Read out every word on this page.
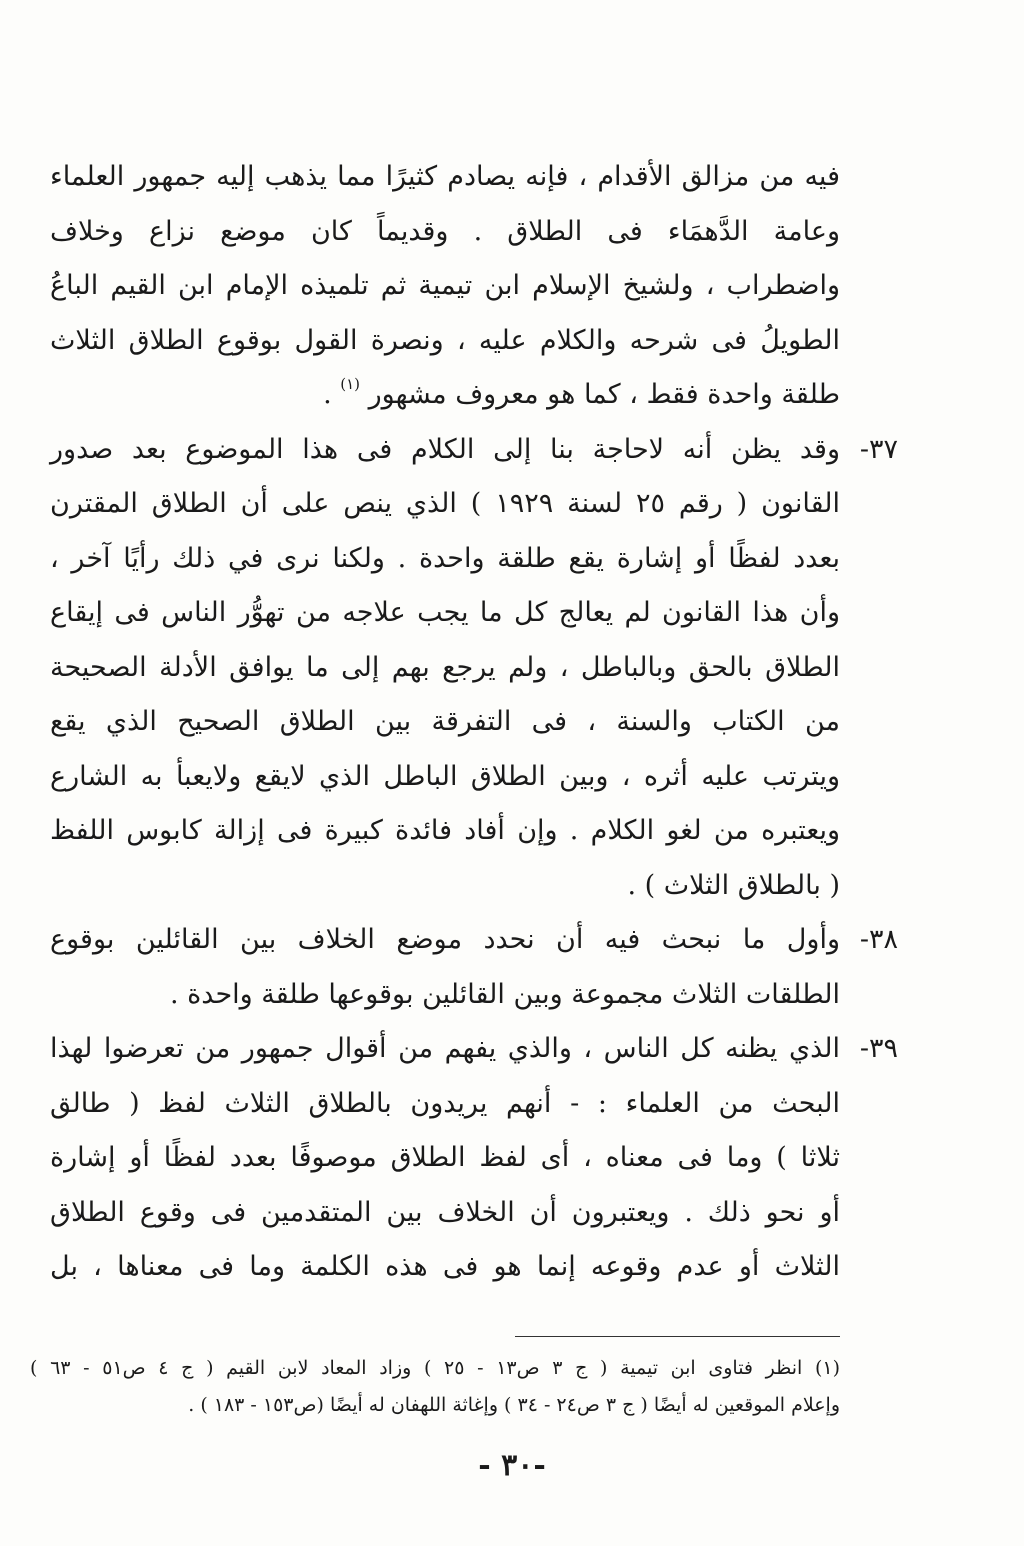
فيه من مزالق الأقدام ، فإنه يصادم كثيرًا مما يذهب إليه جمهور العلماء
وعامة الدَّهمَاء فى الطلاق . وقديماً كان موضع نزاع وخلاف
واضطراب ، ولشيخ الإسلام ابن تيمية ثم تلميذه الإمام ابن القيم الباعُ
الطويلُ فى شرحه والكلام عليه ، ونصرة القول بوقوع الطلاق الثلاث
طلقة واحدة فقط ، كما هو معروف مشهور $^{(١)}$ .
٣٧-
وقد يظن أنه لاحاجة بنا إلى الكلام فى هذا الموضوع بعد صدور
القانون ( رقم ٢٥ لسنة ١٩٢٩ ) الذي ينص على أن الطلاق المقترن
بعدد لفظًا أو إشارة يقع طلقة واحدة . ولكنا نرى في ذلك رأيًا آخر ،
وأن هذا القانون لم يعالج كل ما يجب علاجه من تهوُّر الناس فى إيقاع
الطلاق بالحق وبالباطل ، ولم يرجع بهم إلى ما يوافق الأدلة الصحيحة
من الكتاب والسنة ، فى التفرقة بين الطلاق الصحيح الذي يقع
ويترتب عليه أثره ، وبين الطلاق الباطل الذي لايقع ولايعبأ به الشارع
ويعتبره من لغو الكلام . وإن أفاد فائدة كبيرة فى إزالة كابوس اللفظ
( بالطلاق الثلاث ) .
٣٨-
وأول ما نبحث فيه أن نحدد موضع الخلاف بين القائلين بوقوع
الطلقات الثلاث مجموعة وبين القائلين بوقوعها طلقة واحدة .
٣٩-
الذي يظنه كل الناس ، والذي يفهم من أقوال جمهور من تعرضوا لهذا
البحث من العلماء : - أنهم يريدون بالطلاق الثلاث لفظ ( طالق
ثلاثا ) وما فى معناه ، أى لفظ الطلاق موصوفًا بعدد لفظًا أو إشارة
أو نحو ذلك . ويعتبرون أن الخلاف بين المتقدمين فى وقوع الطلاق
الثلاث أو عدم وقوعه إنما هو فى هذه الكلمة وما فى معناها ، بل
(١) انظر فتاوى ابن تيمية ( ج ٣ ص١٣ - ٢٥ ) وزاد المعاد لابن القيم ( ج ٤ ص٥١ - ٦٣ )
وإعلام الموقعين له أيضًا ( ج ٣ ص٢٤ - ٣٤ ) وإغاثة اللهفان له أيضًا (ص١٥٣ - ١٨٣ ) .
-٣٠ -
